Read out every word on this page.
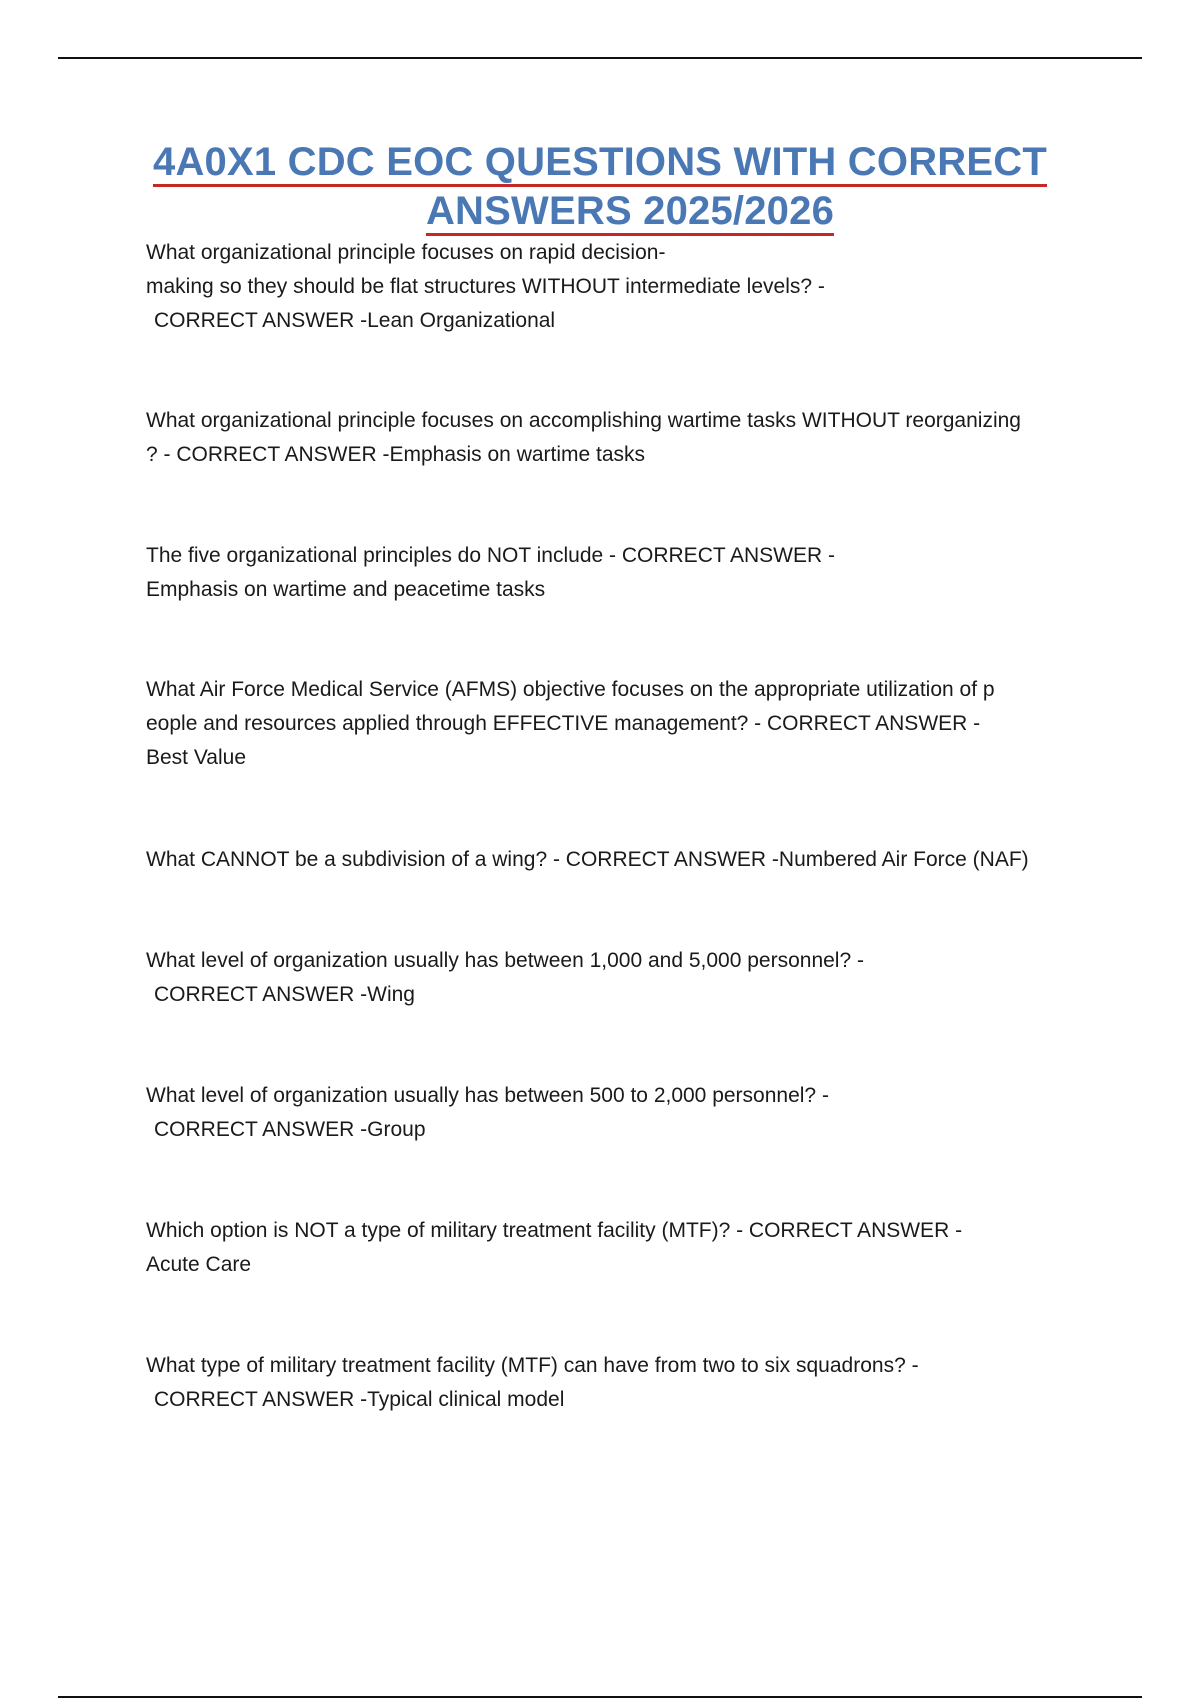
4A0X1 CDC EOC QUESTIONS WITH CORRECT
ANSWERS 2025/2026
What organizational principle focuses on rapid decision-
making so they should be flat structures WITHOUT intermediate levels? -
CORRECT ANSWER -Lean Organizational
What organizational principle focuses on accomplishing wartime tasks WITHOUT reorganizing
? - CORRECT ANSWER -Emphasis on wartime tasks
The five organizational principles do NOT include - CORRECT ANSWER -
Emphasis on wartime and peacetime tasks
What Air Force Medical Service (AFMS) objective focuses on the appropriate utilization of p
eople and resources applied through EFFECTIVE management? - CORRECT ANSWER -
Best Value
What CANNOT be a subdivision of a wing? - CORRECT ANSWER -Numbered Air Force (NAF)
What level of organization usually has between 1,000 and 5,000 personnel? -
CORRECT ANSWER -Wing
What level of organization usually has between 500 to 2,000 personnel? -
CORRECT ANSWER -Group
Which option is NOT a type of military treatment facility (MTF)? - CORRECT ANSWER -
Acute Care
What type of military treatment facility (MTF) can have from two to six squadrons? -
CORRECT ANSWER -Typical clinical model
